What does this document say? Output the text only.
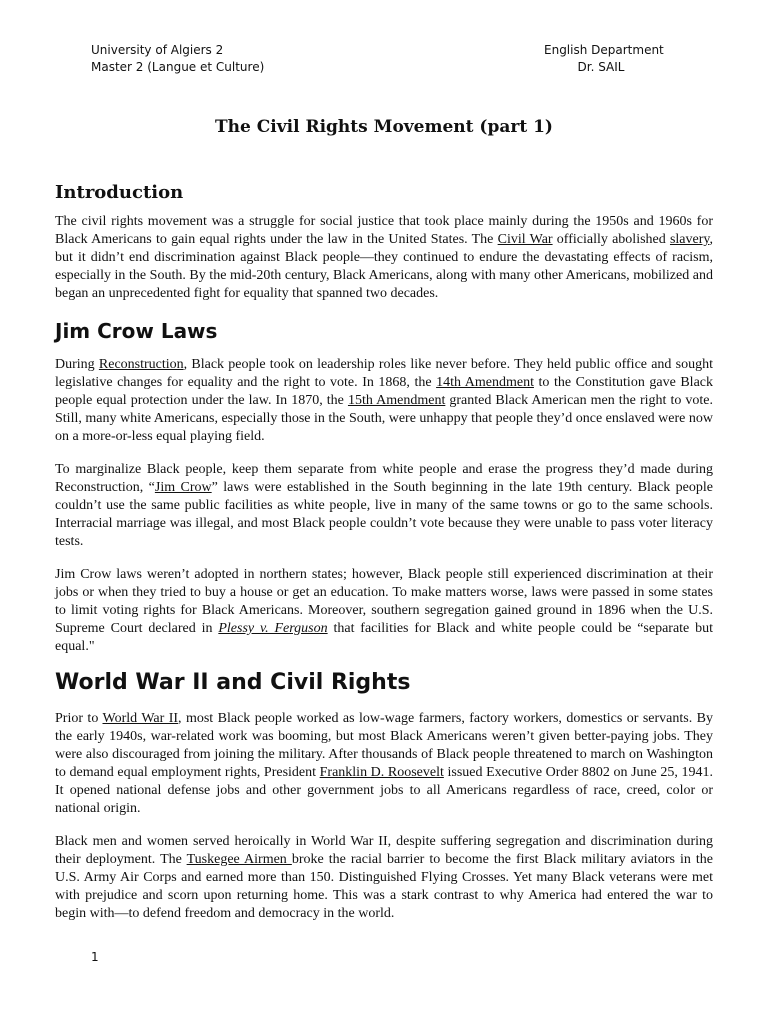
University of Algiers 2
Master 2 (Langue et Culture)
English Department
Dr. SAIL
The Civil Rights Movement (part 1)
Introduction

The civil rights movement was a struggle for social justice that took place mainly during the 1950s and 1960s for Black Americans to gain equal rights under the law in the United States. The Civil War officially abolished slavery, but it didn’t end discrimination against Black people—they continued to endure the devastating effects of racism, especially in the South. By the mid-20th century, Black Americans, along with many other Americans, mobilized and began an unprecedented fight for equality that spanned two decades.

Jim Crow Laws

During Reconstruction, Black people took on leadership roles like never before. They held public office and sought legislative changes for equality and the right to vote. In 1868, the 14th Amendment to the Constitution gave Black people equal protection under the law. In 1870, the 15th Amendment granted Black American men the right to vote. Still, many white Americans, especially those in the South, were unhappy that people they’d once enslaved were now on a more-or-less equal playing field.

To marginalize Black people, keep them separate from white people and erase the progress they’d made during Reconstruction, “Jim Crow” laws were established in the South beginning in the late 19th century. Black people couldn’t use the same public facilities as white people, live in many of the same towns or go to the same schools. Interracial marriage was illegal, and most Black people couldn’t vote because they were unable to pass voter literacy tests.

Jim Crow laws weren’t adopted in northern states; however, Black people still experienced discrimination at their jobs or when they tried to buy a house or get an education. To make matters worse, laws were passed in some states to limit voting rights for Black Americans. Moreover, southern segregation gained ground in 1896 when the U.S. Supreme Court declared in Plessy v. Ferguson that facilities for Black and white people could be “separate but equal."

World War II and Civil Rights

Prior to World War II, most Black people worked as low-wage farmers, factory workers, domestics or servants. By the early 1940s, war-related work was booming, but most Black Americans weren’t given better-paying jobs. They were also discouraged from joining the military. After thousands of Black people threatened to march on Washington to demand equal employment rights, President Franklin D. Roosevelt issued Executive Order 8802 on June 25, 1941. It opened national defense jobs and other government jobs to all Americans regardless of race, creed, color or national origin.

Black men and women served heroically in World War II, despite suffering segregation and discrimination during their deployment. The Tuskegee Airmen broke the racial barrier to become the first Black military aviators in the U.S. Army Air Corps and earned more than 150. Distinguished Flying Crosses. Yet many Black veterans were met with prejudice and scorn upon returning home. This was a stark contrast to why America had entered the war to begin with—to defend freedom and democracy in the world.

1
